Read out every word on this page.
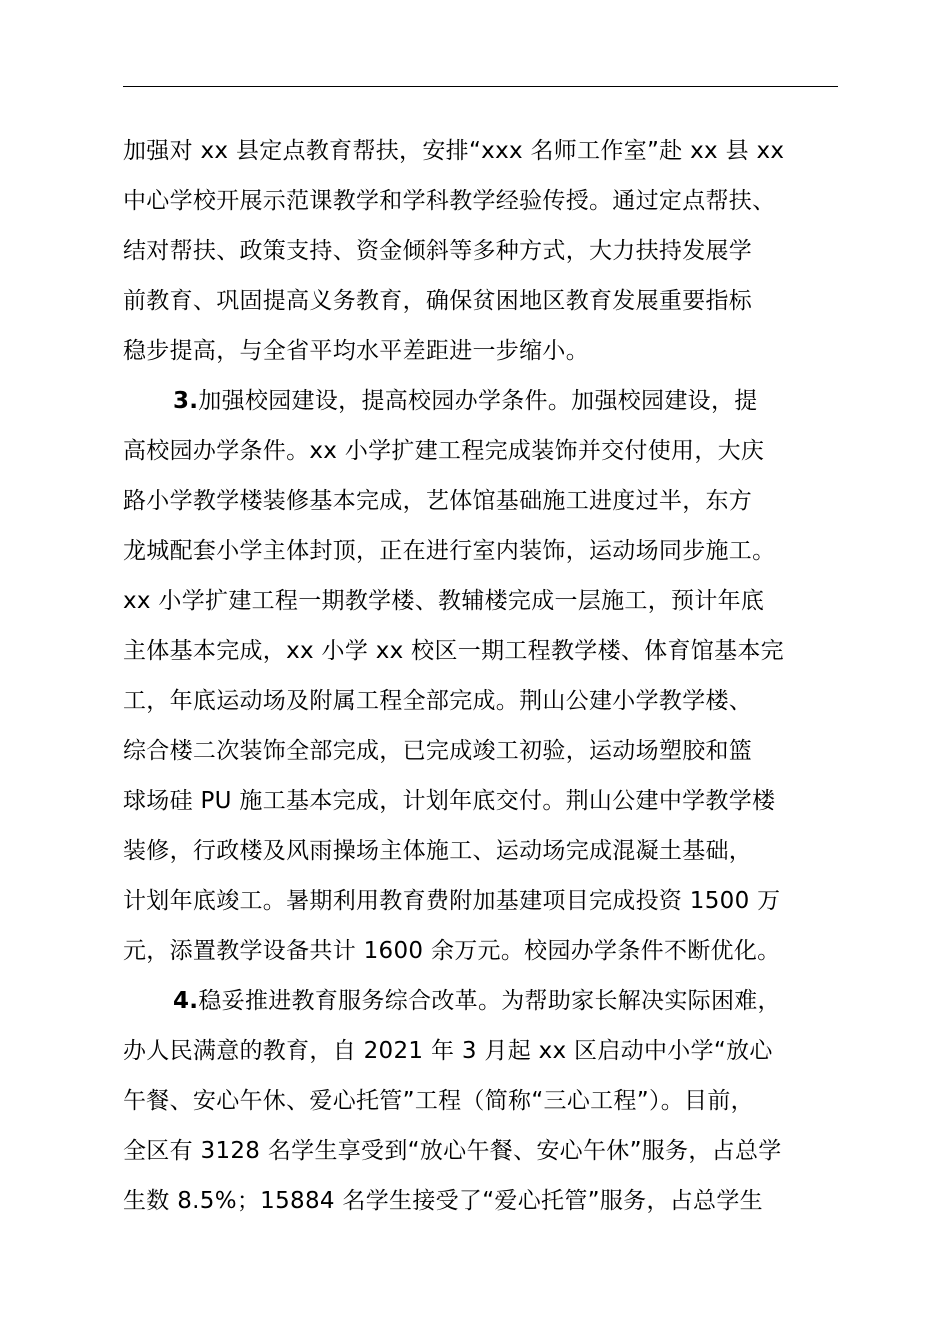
加强对 xx 县定点教育帮扶，安排“xxx 名师工作室”赴 xx 县 xx
中心学校开展示范课教学和学科教学经验传授。通过定点帮扶、
结对帮扶、政策支持、资金倾斜等多种方式，大力扶持发展学
前教育、巩固提高义务教育，确保贫困地区教育发展重要指标
稳步提高，与全省平均水平差距进一步缩小。

3.加强校园建设，提高校园办学条件。加强校园建设，提
高校园办学条件。xx 小学扩建工程完成装饰并交付使用，大庆
路小学教学楼装修基本完成，艺体馆基础施工进度过半，东方
龙城配套小学主体封顶，正在进行室内装饰，运动场同步施工。
xx 小学扩建工程一期教学楼、教辅楼完成一层施工，预计年底
主体基本完成，xx 小学 xx 校区一期工程教学楼、体育馆基本完
工，年底运动场及附属工程全部完成。荆山公建小学教学楼、
综合楼二次装饰全部完成，已完成竣工初验，运动场塑胶和篮
球场硅 PU 施工基本完成，计划年底交付。荆山公建中学教学楼
装修，行政楼及风雨操场主体施工、运动场完成混凝土基础，
计划年底竣工。暑期利用教育费附加基建项目完成投资 1500 万
元，添置教学设备共计 1600 余万元。校园办学条件不断优化。

4.稳妥推进教育服务综合改革。为帮助家长解决实际困难，
办人民满意的教育，自 2021 年 3 月起 xx 区启动中小学“放心
午餐、安心午休、爱心托管”工程（简称“三心工程”）。目前，
全区有 3128 名学生享受到“放心午餐、安心午休”服务，占总学
生数 8.5%；15884 名学生接受了“爱心托管”服务，占总学生
